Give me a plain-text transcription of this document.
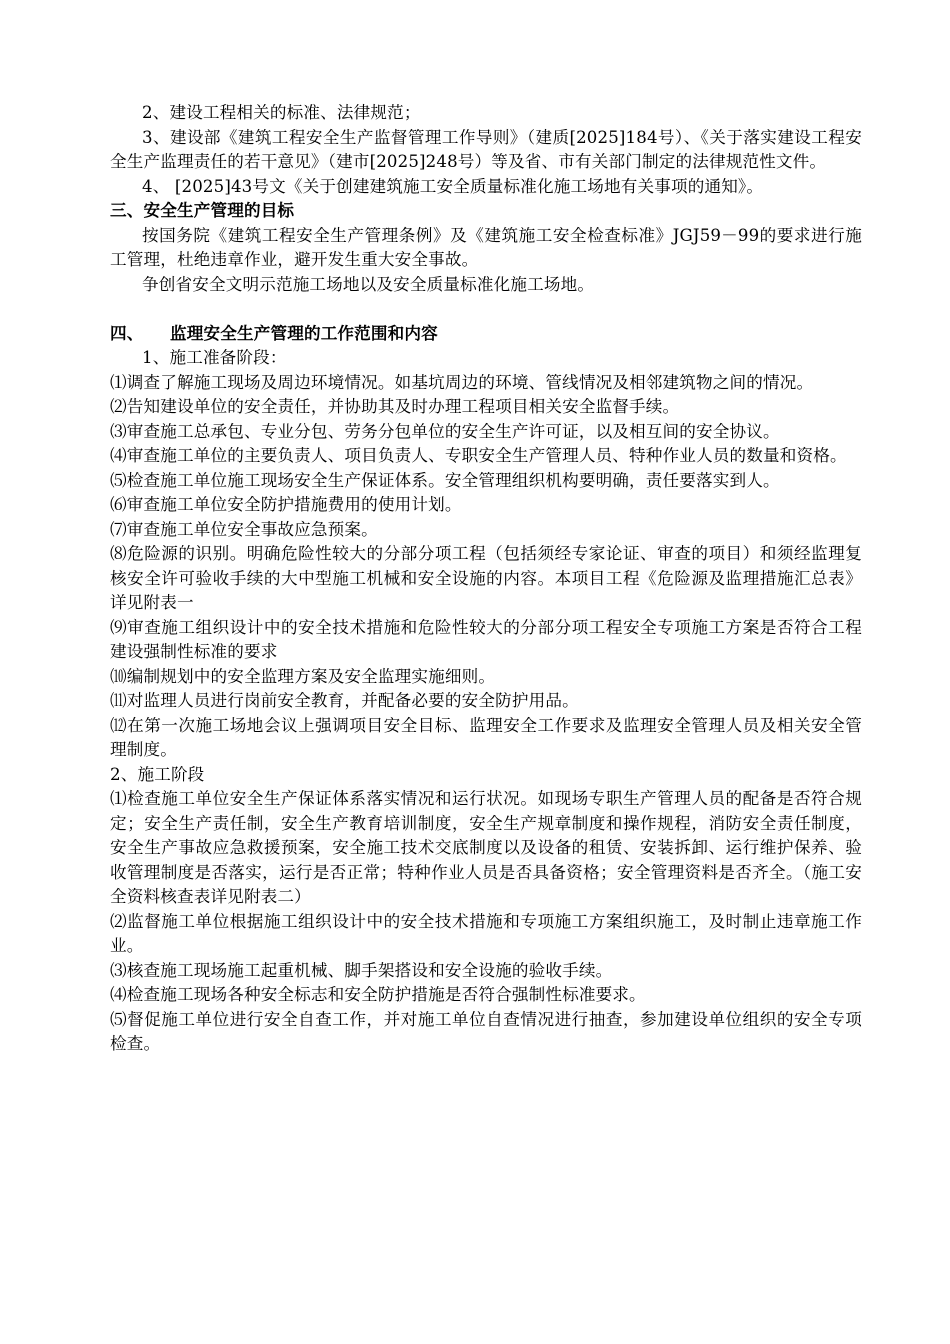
2、建设工程相关的标准、法律规范；

3、建设部《建筑工程安全生产监督管理工作导则》（建质[2025]184号）、《关于落实建设工程安全生产监理责任的若干意见》（建市[2025]248号）等及省、市有关部门制定的法律规范性文件。

4、 [2025]43号文《关于创建建筑施工安全质量标准化施工场地有关事项的通知》。

三、安全生产管理的目标

按国务院《建筑工程安全生产管理条例》及《建筑施工安全检查标准》JGJ59－99的要求进行施工管理，杜绝违章作业，避开发生重大安全事故。

争创省安全文明示范施工场地以及安全质量标准化施工场地。

四、 监理安全生产管理的工作范围和内容

1、施工准备阶段：

⑴调查了解施工现场及周边环境情况。如基坑周边的环境、管线情况及相邻建筑物之间的情况。

⑵告知建设单位的安全责任，并协助其及时办理工程项目相关安全监督手续。

⑶审查施工总承包、专业分包、劳务分包单位的安全生产许可证，以及相互间的安全协议。

⑷审查施工单位的主要负责人、项目负责人、专职安全生产管理人员、特种作业人员的数量和资格。

⑸检查施工单位施工现场安全生产保证体系。安全管理组织机构要明确，责任要落实到人。

⑹审查施工单位安全防护措施费用的使用计划。

⑺审查施工单位安全事故应急预案。

⑻危险源的识别。明确危险性较大的分部分项工程（包括须经专家论证、审查的项目）和须经监理复核安全许可验收手续的大中型施工机械和安全设施的内容。本项目工程《危险源及监理措施汇总表》详见附表一

⑼审查施工组织设计中的安全技术措施和危险性较大的分部分项工程安全专项施工方案是否符合工程建设强制性标准的要求

⑽编制规划中的安全监理方案及安全监理实施细则。

⑾对监理人员进行岗前安全教育，并配备必要的安全防护用品。

⑿在第一次施工场地会议上强调项目安全目标、监理安全工作要求及监理安全管理人员及相关安全管理制度。

2、施工阶段

⑴检查施工单位安全生产保证体系落实情况和运行状况。如现场专职生产管理人员的配备是否符合规定；安全生产责任制，安全生产教育培训制度，安全生产规章制度和操作规程，消防安全责任制度，安全生产事故应急救援预案，安全施工技术交底制度以及设备的租赁、安装拆卸、运行维护保养、验收管理制度是否落实，运行是否正常；特种作业人员是否具备资格；安全管理资料是否齐全。（施工安全资料核查表详见附表二）

⑵监督施工单位根据施工组织设计中的安全技术措施和专项施工方案组织施工，及时制止违章施工作业。

⑶核查施工现场施工起重机械、脚手架搭设和安全设施的验收手续。

⑷检查施工现场各种安全标志和安全防护措施是否符合强制性标准要求。

⑸督促施工单位进行安全自查工作，并对施工单位自查情况进行抽查，参加建设单位组织的安全专项检查。
